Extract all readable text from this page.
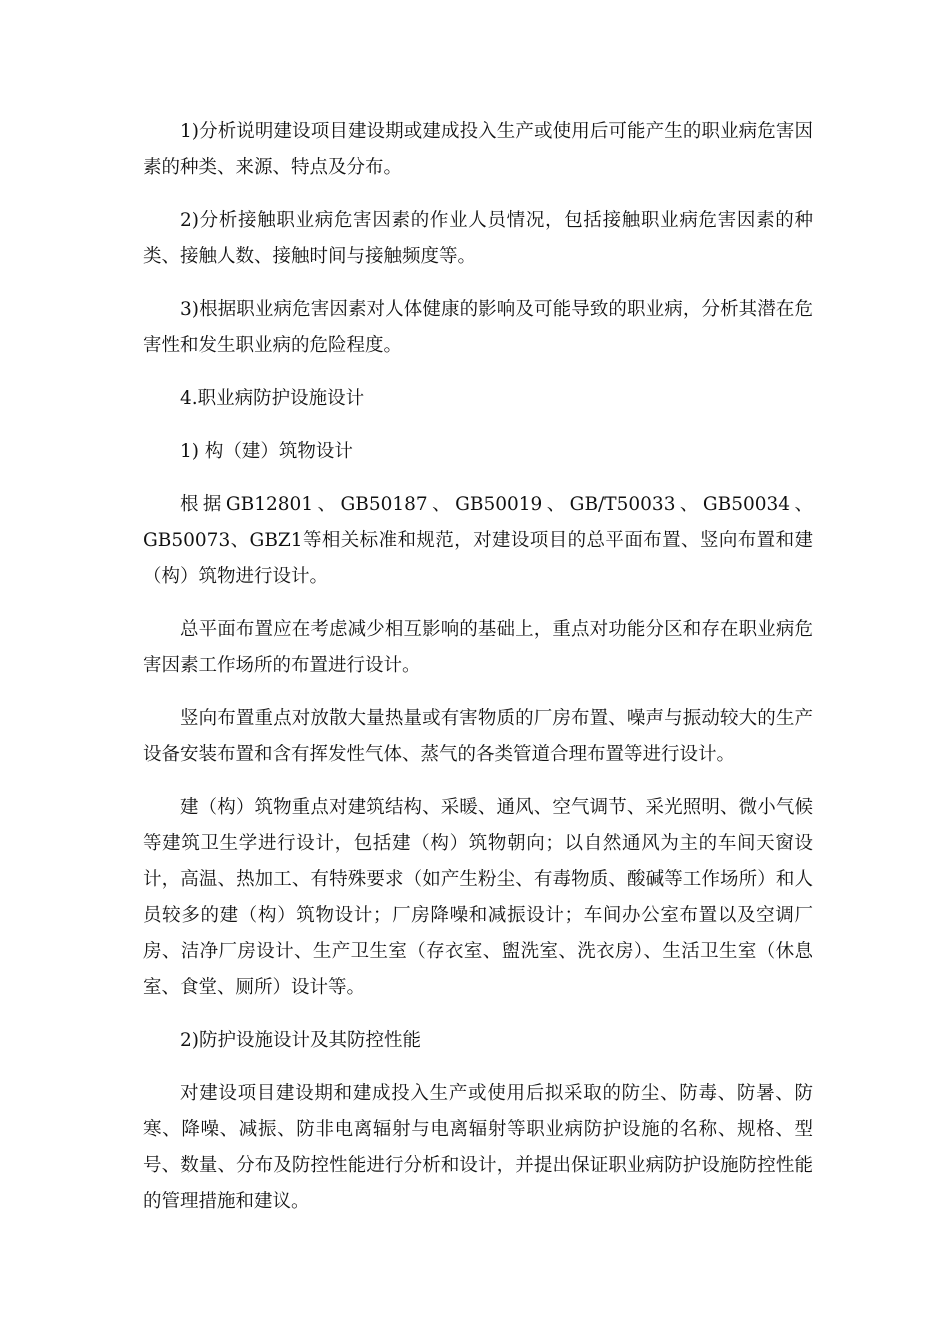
1)分析说明建设项目建设期或建成投入生产或使用后可能产生的职业病危害因素的种类、来源、特点及分布。

2)分析接触职业病危害因素的作业人员情况，包括接触职业病危害因素的种类、接触人数、接触时间与接触频度等。

3)根据职业病危害因素对人体健康的影响及可能导致的职业病，分析其潜在危害性和发生职业病的危险程度。

4.职业病防护设施设计

1) 构（建）筑物设计

根据GB12801、GB50187、GB50019、GB/T50033、GB50034、GB50073、GBZ1等相关标准和规范，对建设项目的总平面布置、竖向布置和建（构）筑物进行设计。

总平面布置应在考虑减少相互影响的基础上，重点对功能分区和存在职业病危害因素工作场所的布置进行设计。

竖向布置重点对放散大量热量或有害物质的厂房布置、噪声与振动较大的生产设备安装布置和含有挥发性气体、蒸气的各类管道合理布置等进行设计。

建（构）筑物重点对建筑结构、采暖、通风、空气调节、采光照明、微小气候等建筑卫生学进行设计，包括建（构）筑物朝向；以自然通风为主的车间天窗设计，高温、热加工、有特殊要求（如产生粉尘、有毒物质、酸碱等工作场所）和人员较多的建（构）筑物设计；厂房降噪和减振设计；车间办公室布置以及空调厂房、洁净厂房设计、生产卫生室（存衣室、盥洗室、洗衣房）、生活卫生室（休息室、食堂、厕所）设计等。

2)防护设施设计及其防控性能

对建设项目建设期和建成投入生产或使用后拟采取的防尘、防毒、防暑、防寒、降噪、减振、防非电离辐射与电离辐射等职业病防护设施的名称、规格、型号、数量、分布及防控性能进行分析和设计，并提出保证职业病防护设施防控性能的管理措施和建议。
